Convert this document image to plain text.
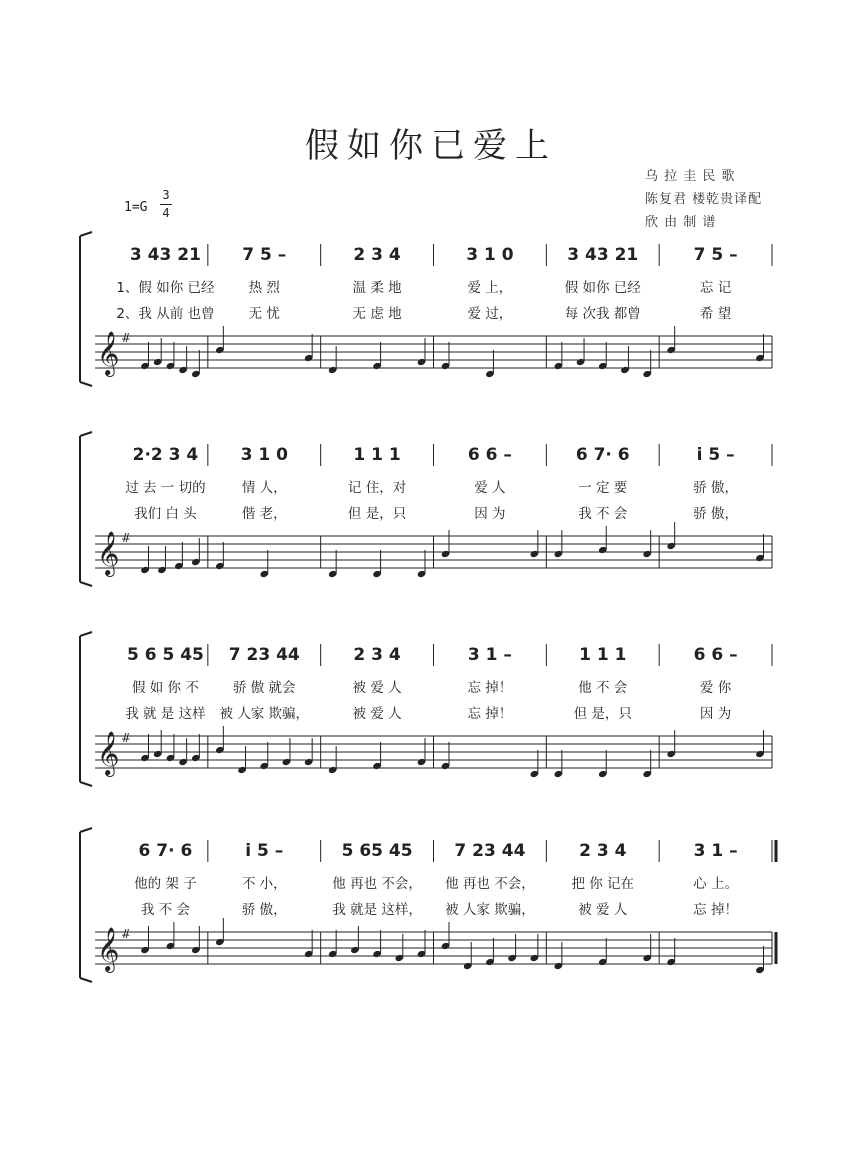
假如你已爱上
乌 拉 圭 民 歌
陈复君 楼乾贵译配
欣 由 制 谱
1=G
3
4
𝄞 #
3 43 21
1、假 如你 已经
2、我 从前 也曾
7 5 –
热 烈
无 忧
2 3 4
温 柔 地
无 虑 地
3 1 0
爱 上，
爱 过，
3 43 21
假 如你 已经
每 次我 都曾
7 5 –
忘 记
希 望
𝄞 #
2·2 3 4
过 去 一 切的
我们 白 头
3 1 0
情 人，
偕 老，
1 1 1
记 住，对
但 是，只
6 6 –
爱 人
因 为
6 7· 6
一 定 要
我 不 会
i 5 –
骄 傲，
骄 傲，
𝄞 #
5 6 5 45
假 如 你 不
我 就 是 这样
7 23 44
骄 傲 就会
被 人家 欺骗，
2 3 4
被 爱 人
被 爱 人
3 1 –
忘 掉！
忘 掉！
1 1 1
他 不 会
但 是，只
6 6 –
爱 你
因 为
𝄞 #
6 7· 6
他的 架 子
我 不 会
i 5 –
不 小，
骄 傲，
5 65 45
他 再也 不会，
我 就是 这样，
7 23 44
他 再也 不会，
被 人家 欺骗，
2 3 4
把 你 记在
被 爱 人
3 1 –
心 上。
忘 掉！
